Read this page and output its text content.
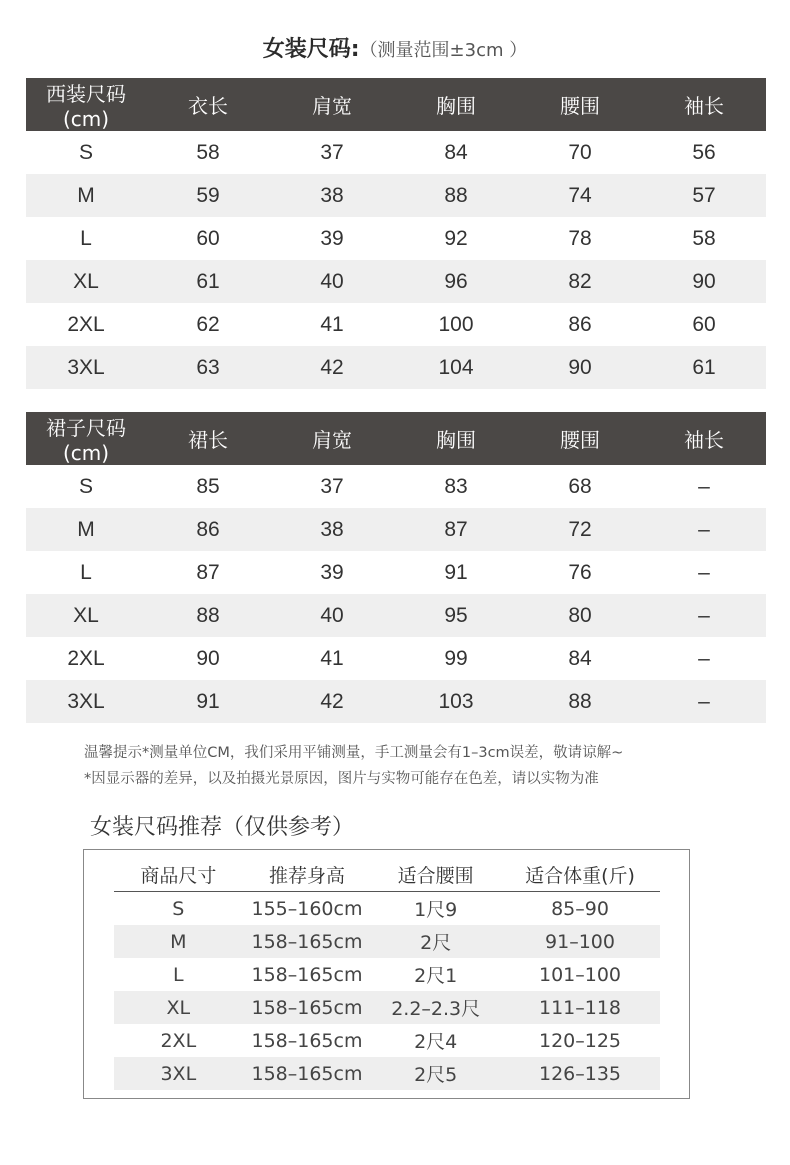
女装尺码:（测量范围±3cm ）
西装尺码(cm)	衣长	肩宽	胸围	腰围	袖长
S	58	37	84	70	56
M	59	38	88	74	57
L	60	39	92	78	58
XL	61	40	96	82	90
2XL	62	41	100	86	60
3XL	63	42	104	90	61
裙子尺码(cm)	裙长	肩宽	胸围	腰围	袖长
S	85	37	83	68	–
M	86	38	87	72	–
L	87	39	91	76	–
XL	88	40	95	80	–
2XL	90	41	99	84	–
3XL	91	42	103	88	–
温馨提示*测量单位CM，我们采用平铺测量，手工测量会有1–3cm误差，敬请谅解~
*因显示器的差异，以及拍摄光景原因，图片与实物可能存在色差，请以实物为准
女装尺码推荐（仅供参考）
商品尺寸	推荐身高	适合腰围	适合体重(斤)
S	155–160cm	1尺9	85–90
M	158–165cm	2尺	91–100
L	158–165cm	2尺1	101–100
XL	158–165cm	2.2–2.3尺	111–118
2XL	158–165cm	2尺4	120–125
3XL	158–165cm	2尺5	126–135
